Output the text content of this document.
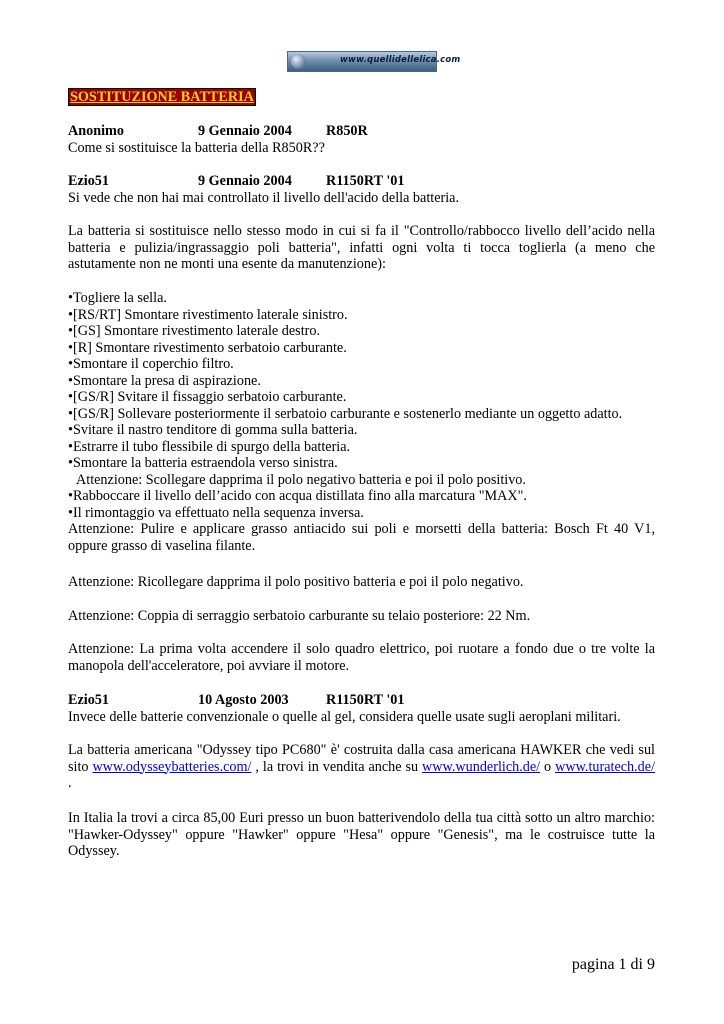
www.quellidellelica.com
SOSTITUZIONE BATTERIA
Anonimo	9 Gennaio 2004 R850R

Come si sostituisce la batteria della R850R??

Ezio51	9 Gennaio 2004 R1150RT '01

Si vede che non hai mai controllato il livello dell'acido della batteria.

La batteria si sostituisce nello stesso modo in cui si fa il "Controllo/rabbocco livello dell’acido nella batteria e pulizia/ingrassaggio poli batteria", infatti ogni volta ti tocca toglierla (a meno che astutamente non ne monti una esente da manutenzione):

• Togliere la sella.
• [RS/RT] Smontare rivestimento laterale sinistro.
• [GS] Smontare rivestimento laterale destro.
• [R] Smontare rivestimento serbatoio carburante.
• Smontare il coperchio filtro.
• Smontare la presa di aspirazione.
• [GS/R] Svitare il fissaggio serbatoio carburante.
• [GS/R] Sollevare posteriormente il serbatoio carburante e sostenerlo mediante un oggetto adatto.
• Svitare il nastro tenditore di gomma sulla batteria.
• Estrarre il tubo flessibile di spurgo della batteria.
• Smontare la batteria estraendola verso sinistra.

Attenzione: Scollegare dapprima il polo negativo batteria e poi il polo positivo.

• Rabboccare il livello dell’acido con acqua distillata fino alla marcatura "MAX".
• Il rimontaggio va effettuato nella sequenza inversa.

Attenzione: Pulire e applicare grasso antiacido sui poli e morsetti della batteria: Bosch Ft 40 V1, oppure grasso di vaselina filante.

Attenzione: Ricollegare dapprima il polo positivo batteria e poi il polo negativo.

Attenzione: Coppia di serraggio serbatoio carburante su telaio posteriore: 22 Nm.

Attenzione: La prima volta accendere il solo quadro elettrico, poi ruotare a fondo due o tre volte la manopola dell'acceleratore, poi avviare il motore.

Ezio51	10 Agosto 2003	R1150RT '01

Invece delle batterie convenzionale o quelle al gel, considera quelle usate sugli aeroplani militari.

La batteria americana "Odyssey tipo PC680" è' costruita dalla casa americana HAWKER che vedi sul sito www.odysseybatteries.com/ , la trovi in vendita anche su www.wunderlich.de/ o www.turatech.de/ .

In Italia la trovi a circa 85,00 Euri presso un buon batterivendolo della tua città sotto un altro marchio: "Hawker-Odyssey" oppure "Hawker" oppure "Hesa" oppure "Genesis", ma le costruisce tutte la Odyssey.

pagina 1 di 9
